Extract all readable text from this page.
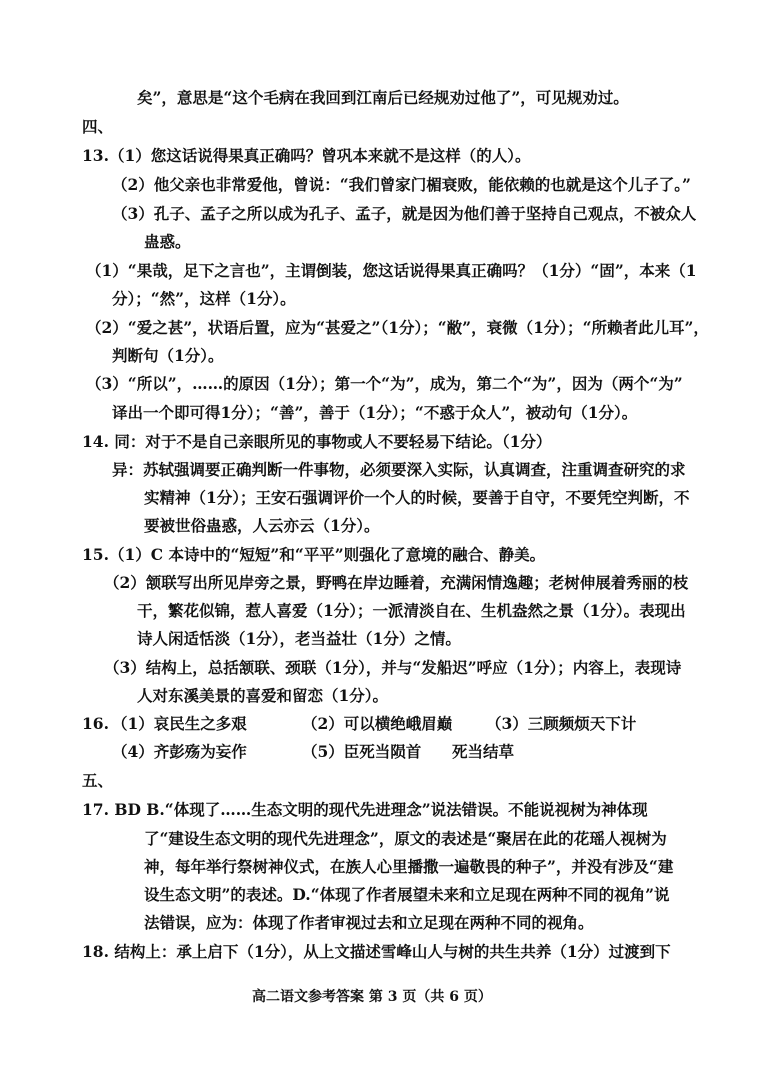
矣”，意思是“这个毛病在我回到江南后已经规劝过他了”，可见规劝过。
四、
13.（1）您这话说得果真正确吗？曾巩本来就不是这样（的人）。
（2）他父亲也非常爱他，曾说：“我们曾家门楣衰败，能依赖的也就是这个儿子了。”
（3）孔子、孟子之所以成为孔子、孟子，就是因为他们善于坚持自己观点，不被众人
蛊惑。
（1）“果哉，足下之言也”，主谓倒装，您这话说得果真正确吗？（1分）“固”，本来（1
分）；“然”，这样（1分）。
（2）“爱之甚”，状语后置，应为“甚爱之”（1分）；“敝”，衰微（1分）；“所赖者此儿耳”，
判断句（1分）。
（3）“所以”，……的原因（1分）；第一个“为”，成为，第二个“为”，因为（两个“为”
译出一个即可得1分）；“善”，善于（1分）；“不惑于众人”，被动句（1分）。
14. 同：对于不是自己亲眼所见的事物或人不要轻易下结论。（1分）
异：苏轼强调要正确判断一件事物，必须要深入实际，认真调查，注重调查研究的求
实精神（1分）；王安石强调评价一个人的时候，要善于自守，不要凭空判断，不
要被世俗蛊惑，人云亦云（1分）。
15.（1）C 本诗中的“短短”和“平平”则强化了意境的融合、静美。
（2）颔联写出所见岸旁之景，野鸭在岸边睡着，充满闲情逸趣；老树伸展着秀丽的枝
干，繁花似锦，惹人喜爱（1分）；一派清淡自在、生机盎然之景（1分）。表现出
诗人闲适恬淡（1分），老当益壮（1分）之情。
（3）结构上，总括颔联、颈联（1分），并与“发船迟”呼应（1分）；内容上，表现诗
人对东溪美景的喜爱和留恋（1分）。
16. （1）哀民生之多艰	（2）可以横绝峨眉巅 （3）三顾频烦天下计
（4）齐彭殇为妄作	（5）臣死当陨首 死当结草
五、
17. BD B.“体现了……生态文明的现代先进理念”说法错误。不能说视树为神体现
了“建设生态文明的现代先进理念”，原文的表述是“聚居在此的花瑶人视树为
神，每年举行祭树神仪式，在族人心里播撒一遍敬畏的种子”，并没有涉及“建
设生态文明”的表述。D.“体现了作者展望未来和立足现在两种不同的视角”说
法错误，应为：体现了作者审视过去和立足现在两种不同的视角。
18. 结构上：承上启下（1分），从上文描述雪峰山人与树的共生共养（1分）过渡到下
高二语文参考答案 第 3 页（共 6 页）
